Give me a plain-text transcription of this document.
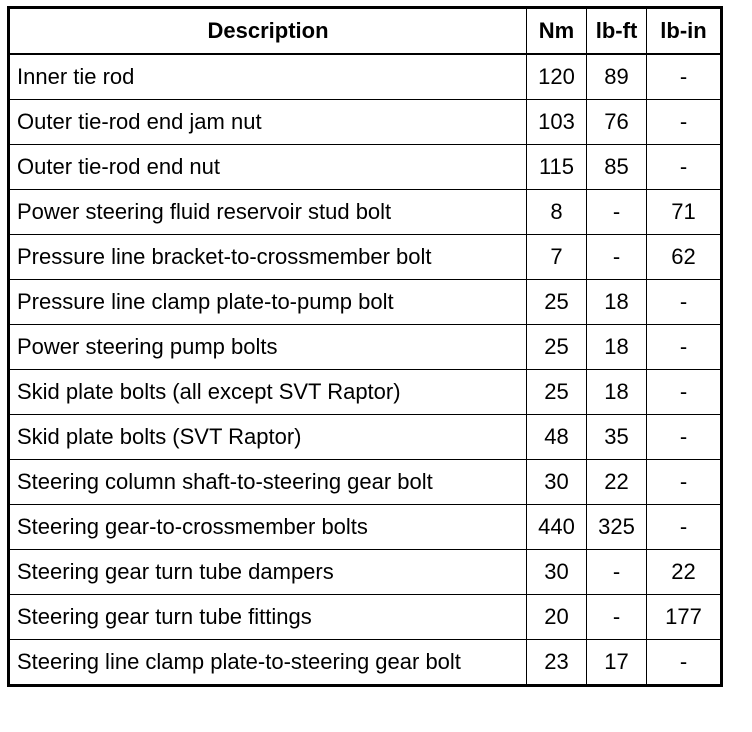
Description	Nm	lb-ft	lb-in
Inner tie rod	120	89	-
Outer tie-rod end jam nut	103	76	-
Outer tie-rod end nut	115	85	-
Power steering fluid reservoir stud bolt	8	-	71
Pressure line bracket-to-crossmember bolt	7	-	62
Pressure line clamp plate-to-pump bolt	25	18	-
Power steering pump bolts	25	18	-
Skid plate bolts (all except SVT Raptor)	25	18	-
Skid plate bolts (SVT Raptor)	48	35	-
Steering column shaft-to-steering gear bolt	30	22	-
Steering gear-to-crossmember bolts	440	325	-
Steering gear turn tube dampers	30	-	22
Steering gear turn tube fittings	20	-	177
Steering line clamp plate-to-steering gear bolt	23	17	-
